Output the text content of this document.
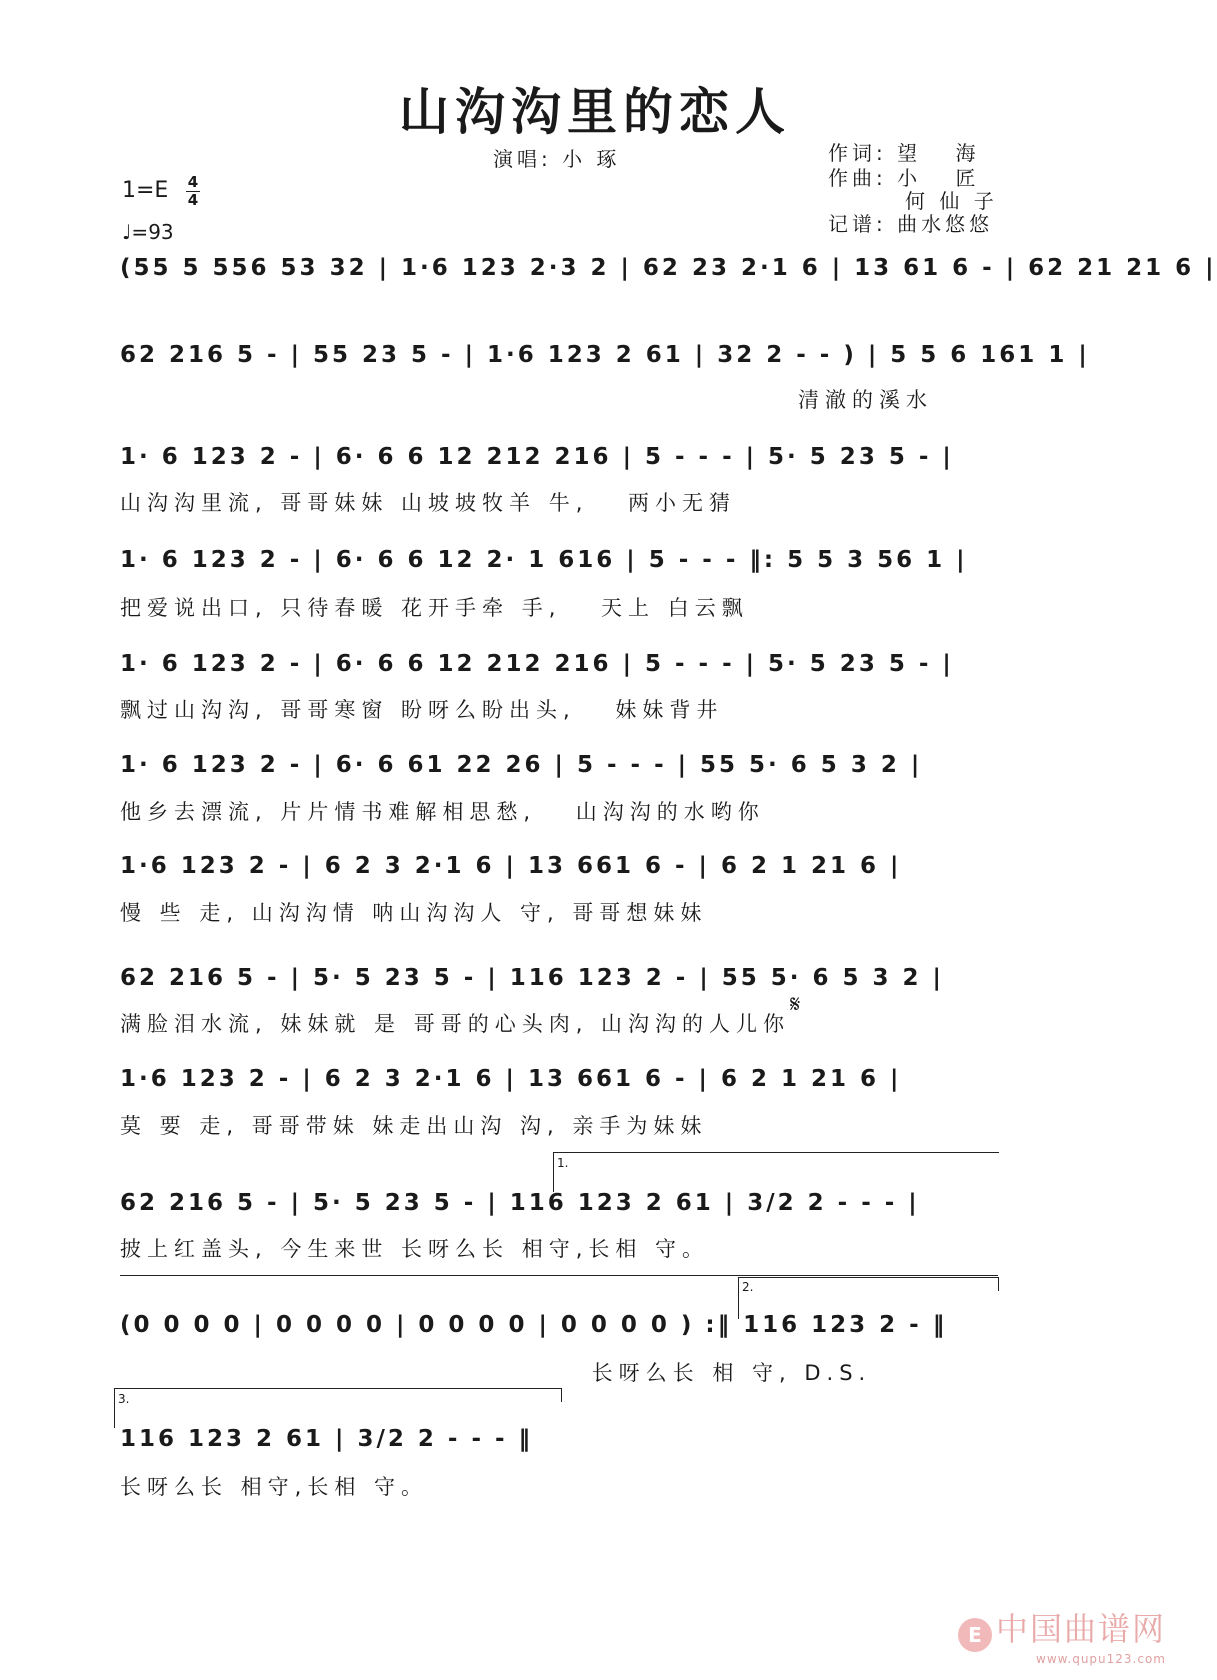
山沟沟里的恋人
演唱: 小 琢	作词: 望　 海
作曲: 小　 匠
何 仙 子
记谱: 曲水悠悠
1=E 4
4
♩=93
(55 5 556 53 32 | 1·6 123 2·3 2 | 62 23 2·1 6 | 13 61 6 - | 62 21 21 6 |
62 216 5 - | 55 23 5 - | 1·6 123 2 61 | 32 2 - - ) | 5 5 6 161 1 |
清澈的溪水
1· 6 123 2 - | 6· 6 6 12 212 216 | 5 - - - | 5· 5 23 5 - |
山沟沟里流, 哥哥妹妹 山坡坡牧羊 牛,　 两小无猜
1· 6 123 2 - | 6· 6 6 12 2· 1 616 | 5 - - - ‖: 5 5 3 56 1 |
把爱说出口, 只待春暖 花开手牵 手,　 天上 白云飘
1· 6 123 2 - | 6· 6 6 12 212 216 | 5 - - - | 5· 5 23 5 - |
飘过山沟沟, 哥哥寒窗 盼呀么盼出头,　 妹妹背井
1· 6 123 2 - | 6· 6 61 22 26 | 5 - - - | 55 5· 6 5 3 2 |
他乡去漂流, 片片情书难解相思愁,　 山沟沟的水哟你
1·6 123 2 - | 6 2 3 2·1 6 | 13 661 6 - | 6 2 1 21 6 |
慢 些 走, 山沟沟情 呐山沟沟人 守, 哥哥想妹妹
𝄋
62 216 5 - | 5· 5 23 5 - | 116 123 2 - | 55 5· 6 5 3 2 |
满脸泪水流, 妹妹就 是 哥哥的心头肉, 山沟沟的人儿你
1·6 123 2 - | 6 2 3 2·1 6 | 13 661 6 - | 6 2 1 21 6 |
莫 要 走, 哥哥带妹 妹走出山沟 沟, 亲手为妹妹
1.
62 216 5 - | 5· 5 23 5 - | 116 123 2 61 | 3/2 2 - - - |
披上红盖头, 今生来世 长呀么长 相守,长相 守。
2.
(0 0 0 0 | 0 0 0 0 | 0 0 0 0 | 0 0 0 0 ) :‖ 116 123 2 - ‖
　　　　　　　　　　　　　　　　　 长呀么长 相 守, D.S.
3.
116 123 2 61 | 3/2 2 - - - ‖
长呀么长 相守,长相 守。
E 中国曲谱网
www.qupu123.com
